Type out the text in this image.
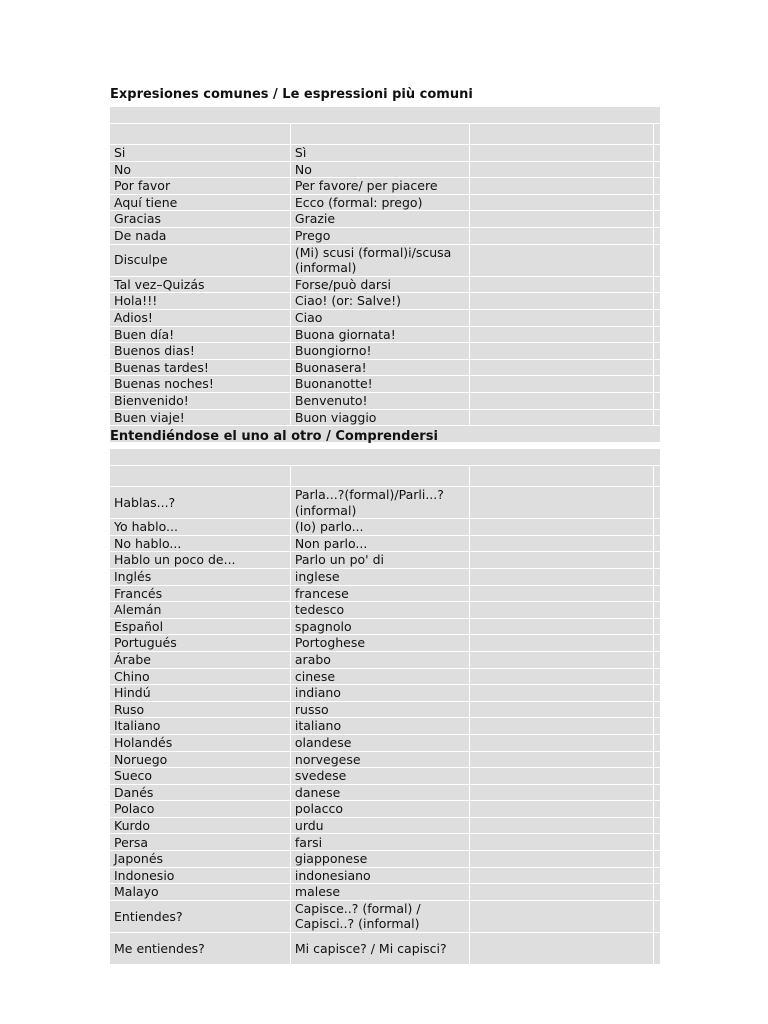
Expresiones comunes / Le espressioni più comuni

Si	Sì		
No	No		
Por favor	Per favore/ per piacere		
Aquí tiene	Ecco (formal: prego)		
Gracias	Grazie		
De nada	Prego		
Disculpe	(Mi) scusi (formal)i/scusa (informal)		
Tal vez–Quizás	Forse/può darsi		
Hola!!!	Ciao! (or: Salve!)		
Adios!	Ciao		
Buen día!	Buona giornata!		
Buenos dias!	Buongiorno!		
Buenas tardes!	Buonasera!		
Buenas noches!	Buonanotte!		
Bienvenido!	Benvenuto!		
Buen viaje!	Buon viaggio		

Entendiéndose el uno al otro / Comprendersi

Hablas...?	Parla...?(formal)/Parli...? (informal)		
Yo hablo...	(Io) parlo...		
No hablo...	Non parlo...		
Hablo un poco de...	Parlo un po' di		
Inglés	inglese		
Francés	francese		
Alemán	tedesco		
Español	spagnolo		
Portugués	Portoghese		
Árabe	arabo		
Chino	cinese		
Hindú	indiano		
Ruso	russo		
Italiano	italiano		
Holandés	olandese		
Noruego	norvegese		
Sueco	svedese		
Danés	danese		
Polaco	polacco		
Kurdo	urdu		
Persa	farsi		
Japonés	giapponese		
Indonesio	indonesiano		
Malayo	malese		
Entiendes?	Capisce..? (formal) / Capisci..? (informal)		
Me entiendes?	Mi capisce? / Mi capisci?		
